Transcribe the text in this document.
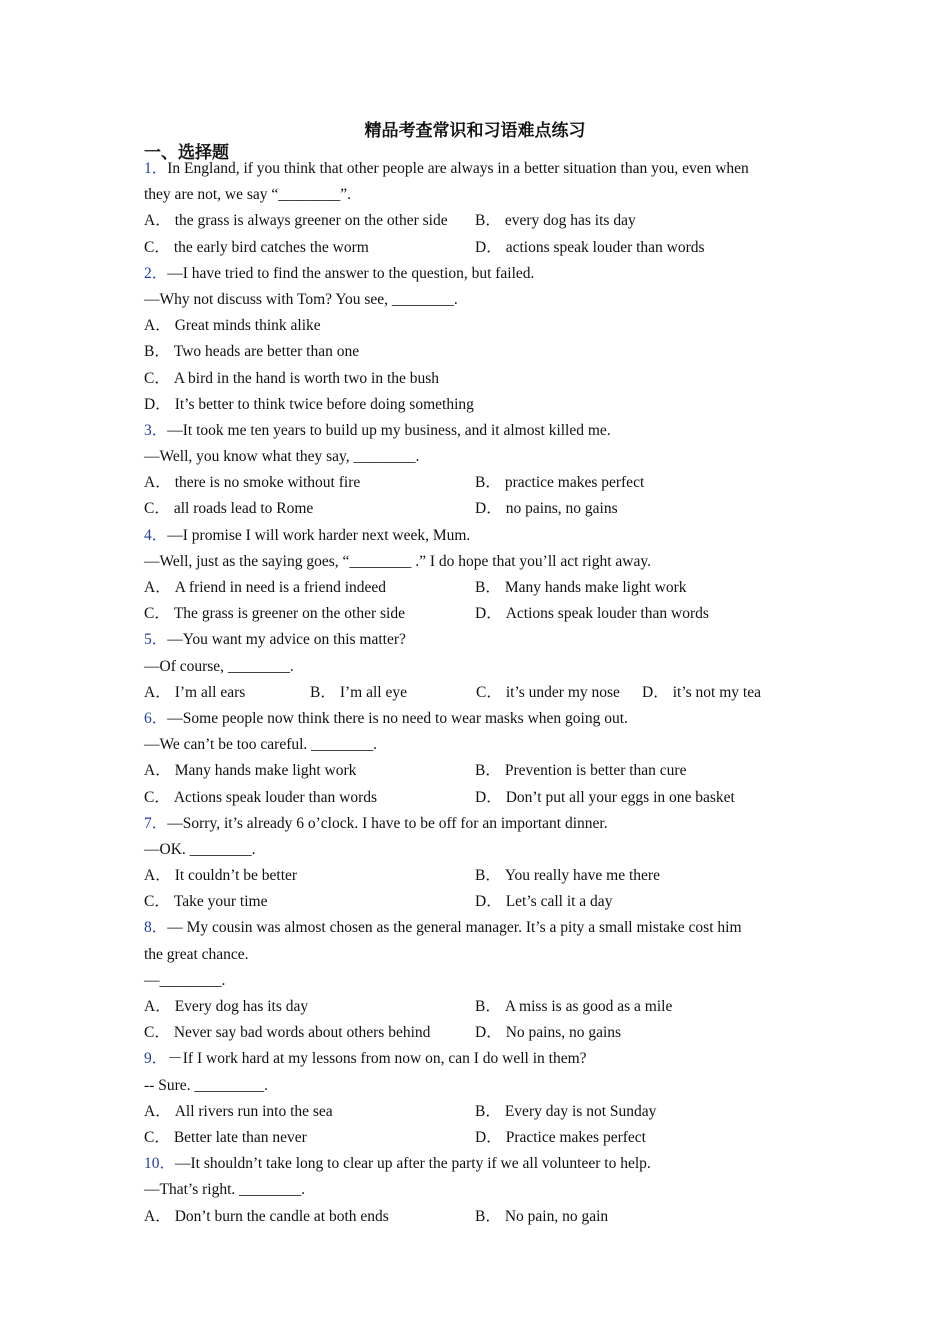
精品考查常识和习语难点练习
一、选择题
1．In England, if you think that other people are always in a better situation than you, even when
they are not, we say “________”.
A． the grass is always greener on the other side	B． every dog has its day
C． the early bird catches the worm	D． actions speak louder than words
2．—I have tried to find the answer to the question, but failed.
—Why not discuss with Tom? You see, ________.
A． Great minds think alike
B． Two heads are better than one
C． A bird in the hand is worth two in the bush
D． It’s better to think twice before doing something
3．—It took me ten years to build up my business, and it almost killed me.
—Well, you know what they say, ________.
A． there is no smoke without fire	B． practice makes perfect
C． all roads lead to Rome	D． no pains, no gains
4．—I promise I will work harder next week, Mum.
—Well, just as the saying goes, “________ .” I do hope that you’ll act right away.
A． A friend in need is a friend indeed	B． Many hands make light work
C． The grass is greener on the other side	D． Actions speak louder than words
5．—You want my advice on this matter?
—Of course, ________.
A． I’m all ears	B． I’m all eye	C． it’s under my nose	D． it’s not my tea
6．—Some people now think there is no need to wear masks when going out.
—We can’t be too careful. ________.
A． Many hands make light work	B． Prevention is better than cure
C． Actions speak louder than words	D． Don’t put all your eggs in one basket
7．—Sorry, it’s already 6 o’clock. I have to be off for an important dinner.
—OK. ________.
A． It couldn’t be better	B． You really have me there
C． Take your time	D． Let’s call it a day
8．— My cousin was almost chosen as the general manager. It’s a pity a small mistake cost him
the great chance.
—________.
A． Every dog has its day	B． A miss is as good as a mile
C． Never say bad words about others behind	D． No pains, no gains
9．－If I work hard at my lessons from now on, can I do well in them?
-- Sure. _________.
A． All rivers run into the sea	B． Every day is not Sunday
C． Better late than never	D． Practice makes perfect
10．—It shouldn’t take long to clear up after the party if we all volunteer to help.
—That’s right. ________.
A． Don’t burn the candle at both ends	B． No pain, no gain
